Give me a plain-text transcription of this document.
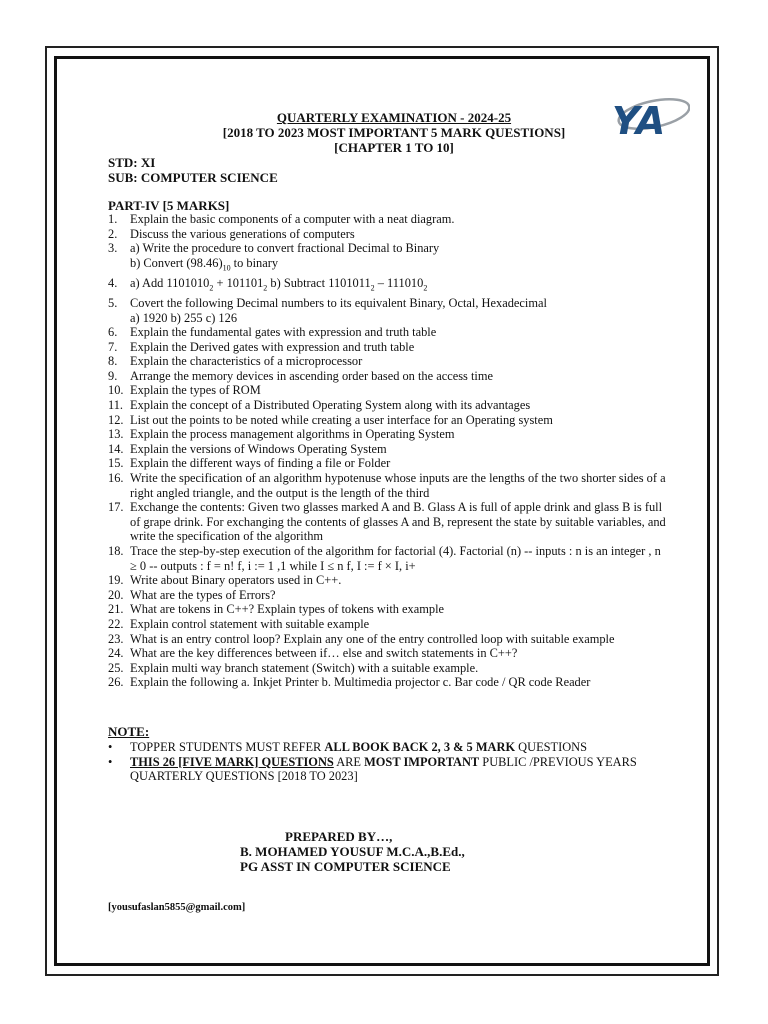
YA
QUARTERLY EXAMINATION - 2024-25
[2018 TO 2023 MOST IMPORTANT 5 MARK QUESTIONS]
[CHAPTER 1 TO 10]
STD: XI
SUB: COMPUTER SCIENCE
PART-IV [5 MARKS]
1.	Explain the basic components of a computer with a neat diagram.
2.	Discuss the various generations of computers
3.	a) Write the procedure to convert fractional Decimal to Binary
b) Convert $(98.46)_{10}$ to binary
4.	a) Add $1101010_2 + 101101_2$ b) Subtract $1101011_2 - 111010_2$
5.	Covert the following Decimal numbers to its equivalent Binary, Octal, Hexadecimal
a) 1920 b) 255 c) 126
6.	Explain the fundamental gates with expression and truth table
7.	Explain the Derived gates with expression and truth table
8.	Explain the characteristics of a microprocessor
9.	Arrange the memory devices in ascending order based on the access time
10. Explain the types of ROM
11. Explain the concept of a Distributed Operating System along with its advantages
12. List out the points to be noted while creating a user interface for an Operating system
13. Explain the process management algorithms in Operating System
14. Explain the versions of Windows Operating System
15. Explain the different ways of finding a file or Folder
16. Write the specification of an algorithm hypotenuse whose inputs are the lengths of the two shorter sides of a right angled triangle, and the output is the length of the third
17. Exchange the contents: Given two glasses marked A and B. Glass A is full of apple drink and glass B is full of grape drink. For exchanging the contents of glasses A and B, represent the state by suitable variables, and write the specification of the algorithm
18. Trace the step-by-step execution of the algorithm for factorial (4). Factorial (n) -- inputs : n is an integer , n ≥ 0 -- outputs : f = n! f, i := 1 ,1 while I ≤ n f, I := f × I, i+
19. Write about Binary operators used in C++.
20. What are the types of Errors?
21. What are tokens in C++? Explain types of tokens with example
22. Explain control statement with suitable example
23. What is an entry control loop? Explain any one of the entry controlled loop with suitable example
24. What are the key differences between if… else and switch statements in C++?
25. Explain multi way branch statement (Switch) with a suitable example.
26. Explain the following a. Inkjet Printer b. Multimedia projector c. Bar code / QR code Reader
NOTE:
•	TOPPER STUDENTS MUST REFER ALL BOOK BACK 2, 3 & 5 MARK QUESTIONS
•	THIS 26 [FIVE MARK] QUESTIONS ARE MOST IMPORTANT PUBLIC /PREVIOUS YEARS QUARTERLY QUESTIONS [2018 TO 2023]
PREPARED BY…,
B. MOHAMED YOUSUF M.C.A.,B.Ed.,
PG ASST IN COMPUTER SCIENCE
[yousufaslan5855@gmail.com]
